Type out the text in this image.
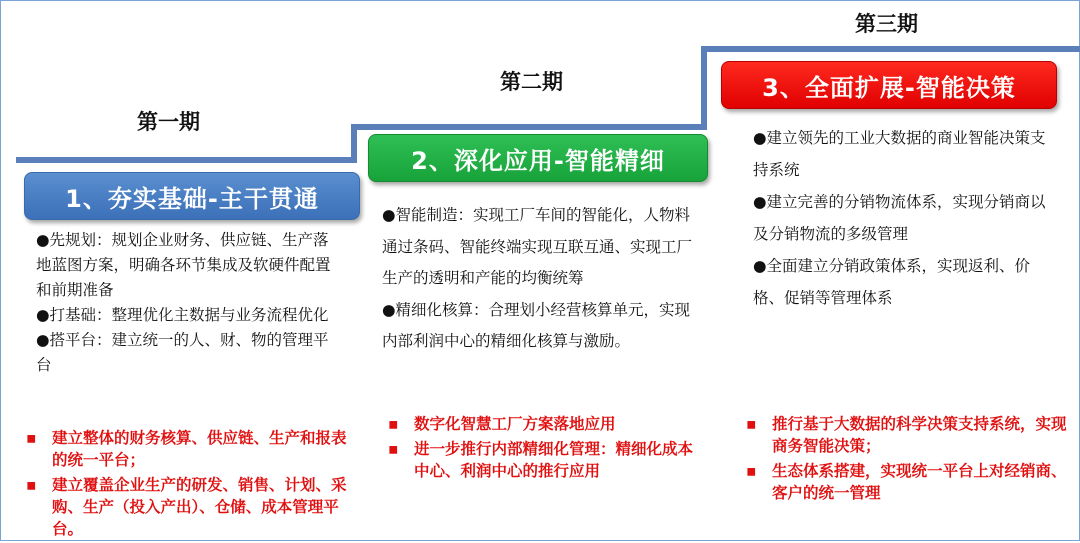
第一期
1、夯实基础-主干贯通

●先规划：规划企业财务、供应链、生产落地蓝图方案，明确各环节集成及软硬件配置和前期准备

●打基础：整理优化主数据与业务流程优化

●搭平台：建立统一的人、财、物的管理平台

▪ 建立整体的财务核算、供应链、生产和报表的统一平台；
▪ 建立覆盖企业生产的研发、销售、计划、采购、生产（投入产出）、仓储、成本管理平台。
第二期
2、深化应用-智能精细

●智能制造：实现工厂车间的智能化，人物料通过条码、智能终端实现互联互通、实现工厂生产的透明和产能的均衡统筹

●精细化核算：合理划小经营核算单元，实现内部利润中心的精细化核算与激励。

▪ 数字化智慧工厂方案落地应用
▪ 进一步推行内部精细化管理：精细化成本中心、利润中心的推行应用
第三期
3、全面扩展-智能决策

●建立领先的工业大数据的商业智能决策支持系统

●建立完善的分销物流体系，实现分销商以及分销物流的多级管理

●全面建立分销政策体系，实现返利、价格、促销等管理体系

▪ 推行基于大数据的科学决策支持系统，实现商务智能决策；
▪ 生态体系搭建，实现统一平台上对经销商、客户的统一管理
